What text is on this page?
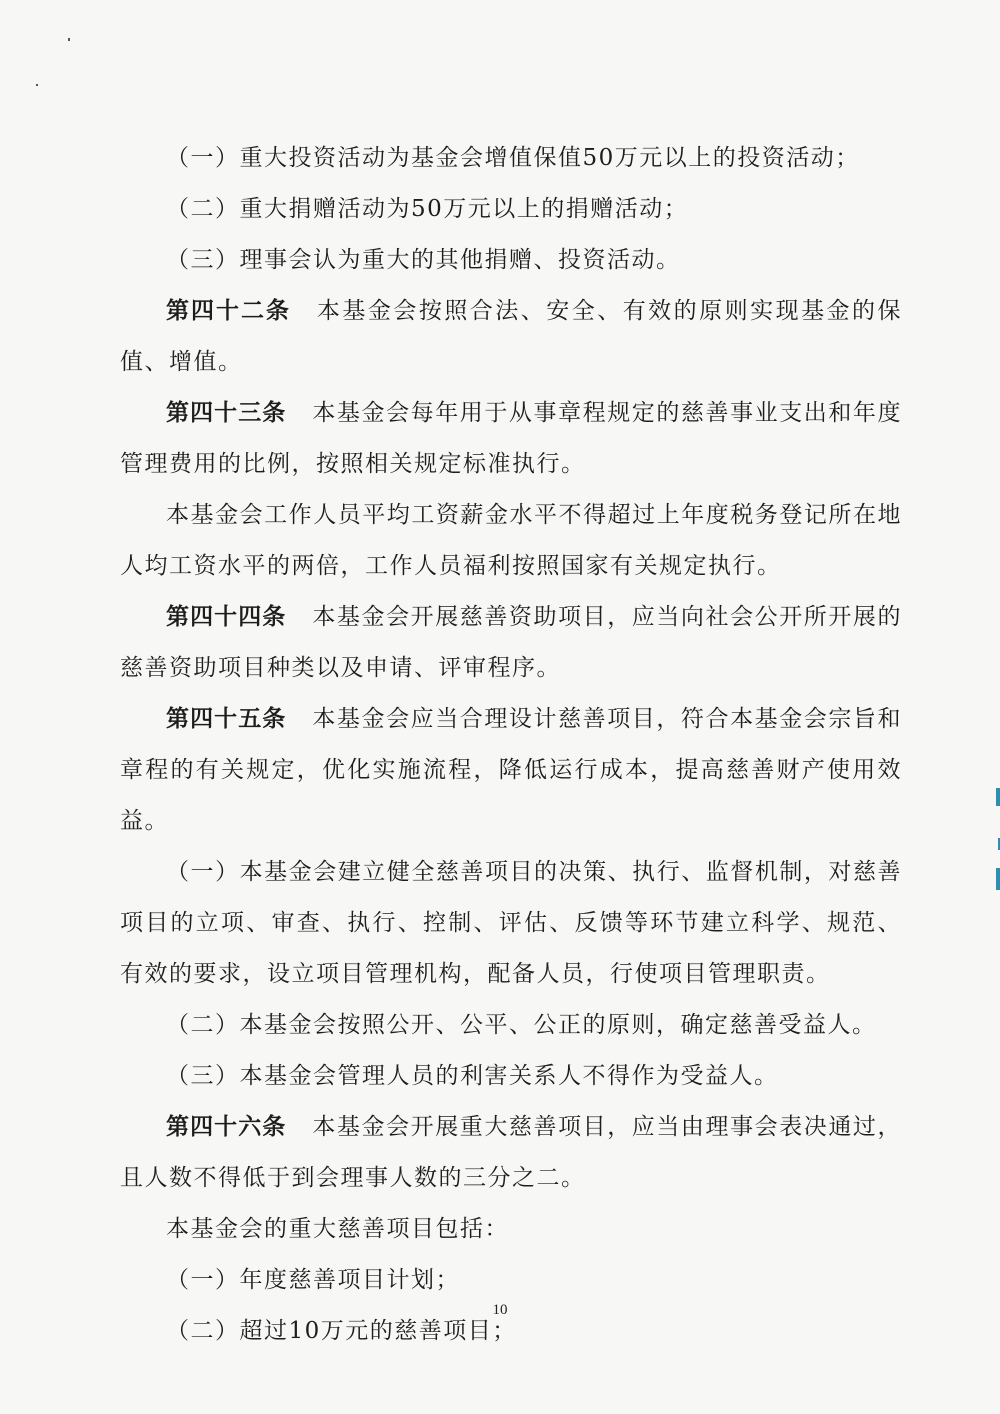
（一）重大投资活动为基金会增值保值50万元以上的投资活动；

（二）重大捐赠活动为50万元以上的捐赠活动；

（三）理事会认为重大的其他捐赠、投资活动。

第四十二条 本基金会按照合法、安全、有效的原则实现基金的保值、增值。

第四十三条 本基金会每年用于从事章程规定的慈善事业支出和年度管理费用的比例，按照相关规定标准执行。

本基金会工作人员平均工资薪金水平不得超过上年度税务登记所在地人均工资水平的两倍，工作人员福利按照国家有关规定执行。

第四十四条 本基金会开展慈善资助项目，应当向社会公开所开展的慈善资助项目种类以及申请、评审程序。

第四十五条 本基金会应当合理设计慈善项目，符合本基金会宗旨和章程的有关规定，优化实施流程，降低运行成本，提高慈善财产使用效益。

（一）本基金会建立健全慈善项目的决策、执行、监督机制，对慈善项目的立项、审查、执行、控制、评估、反馈等环节建立科学、规范、有效的要求，设立项目管理机构，配备人员，行使项目管理职责。

（二）本基金会按照公开、公平、公正的原则，确定慈善受益人。

（三）本基金会管理人员的利害关系人不得作为受益人。

第四十六条 本基金会开展重大慈善项目，应当由理事会表决通过，且人数不得低于到会理事人数的三分之二。

本基金会的重大慈善项目包括：

（一）年度慈善项目计划；

（二）超过10万元的慈善项目；

10
